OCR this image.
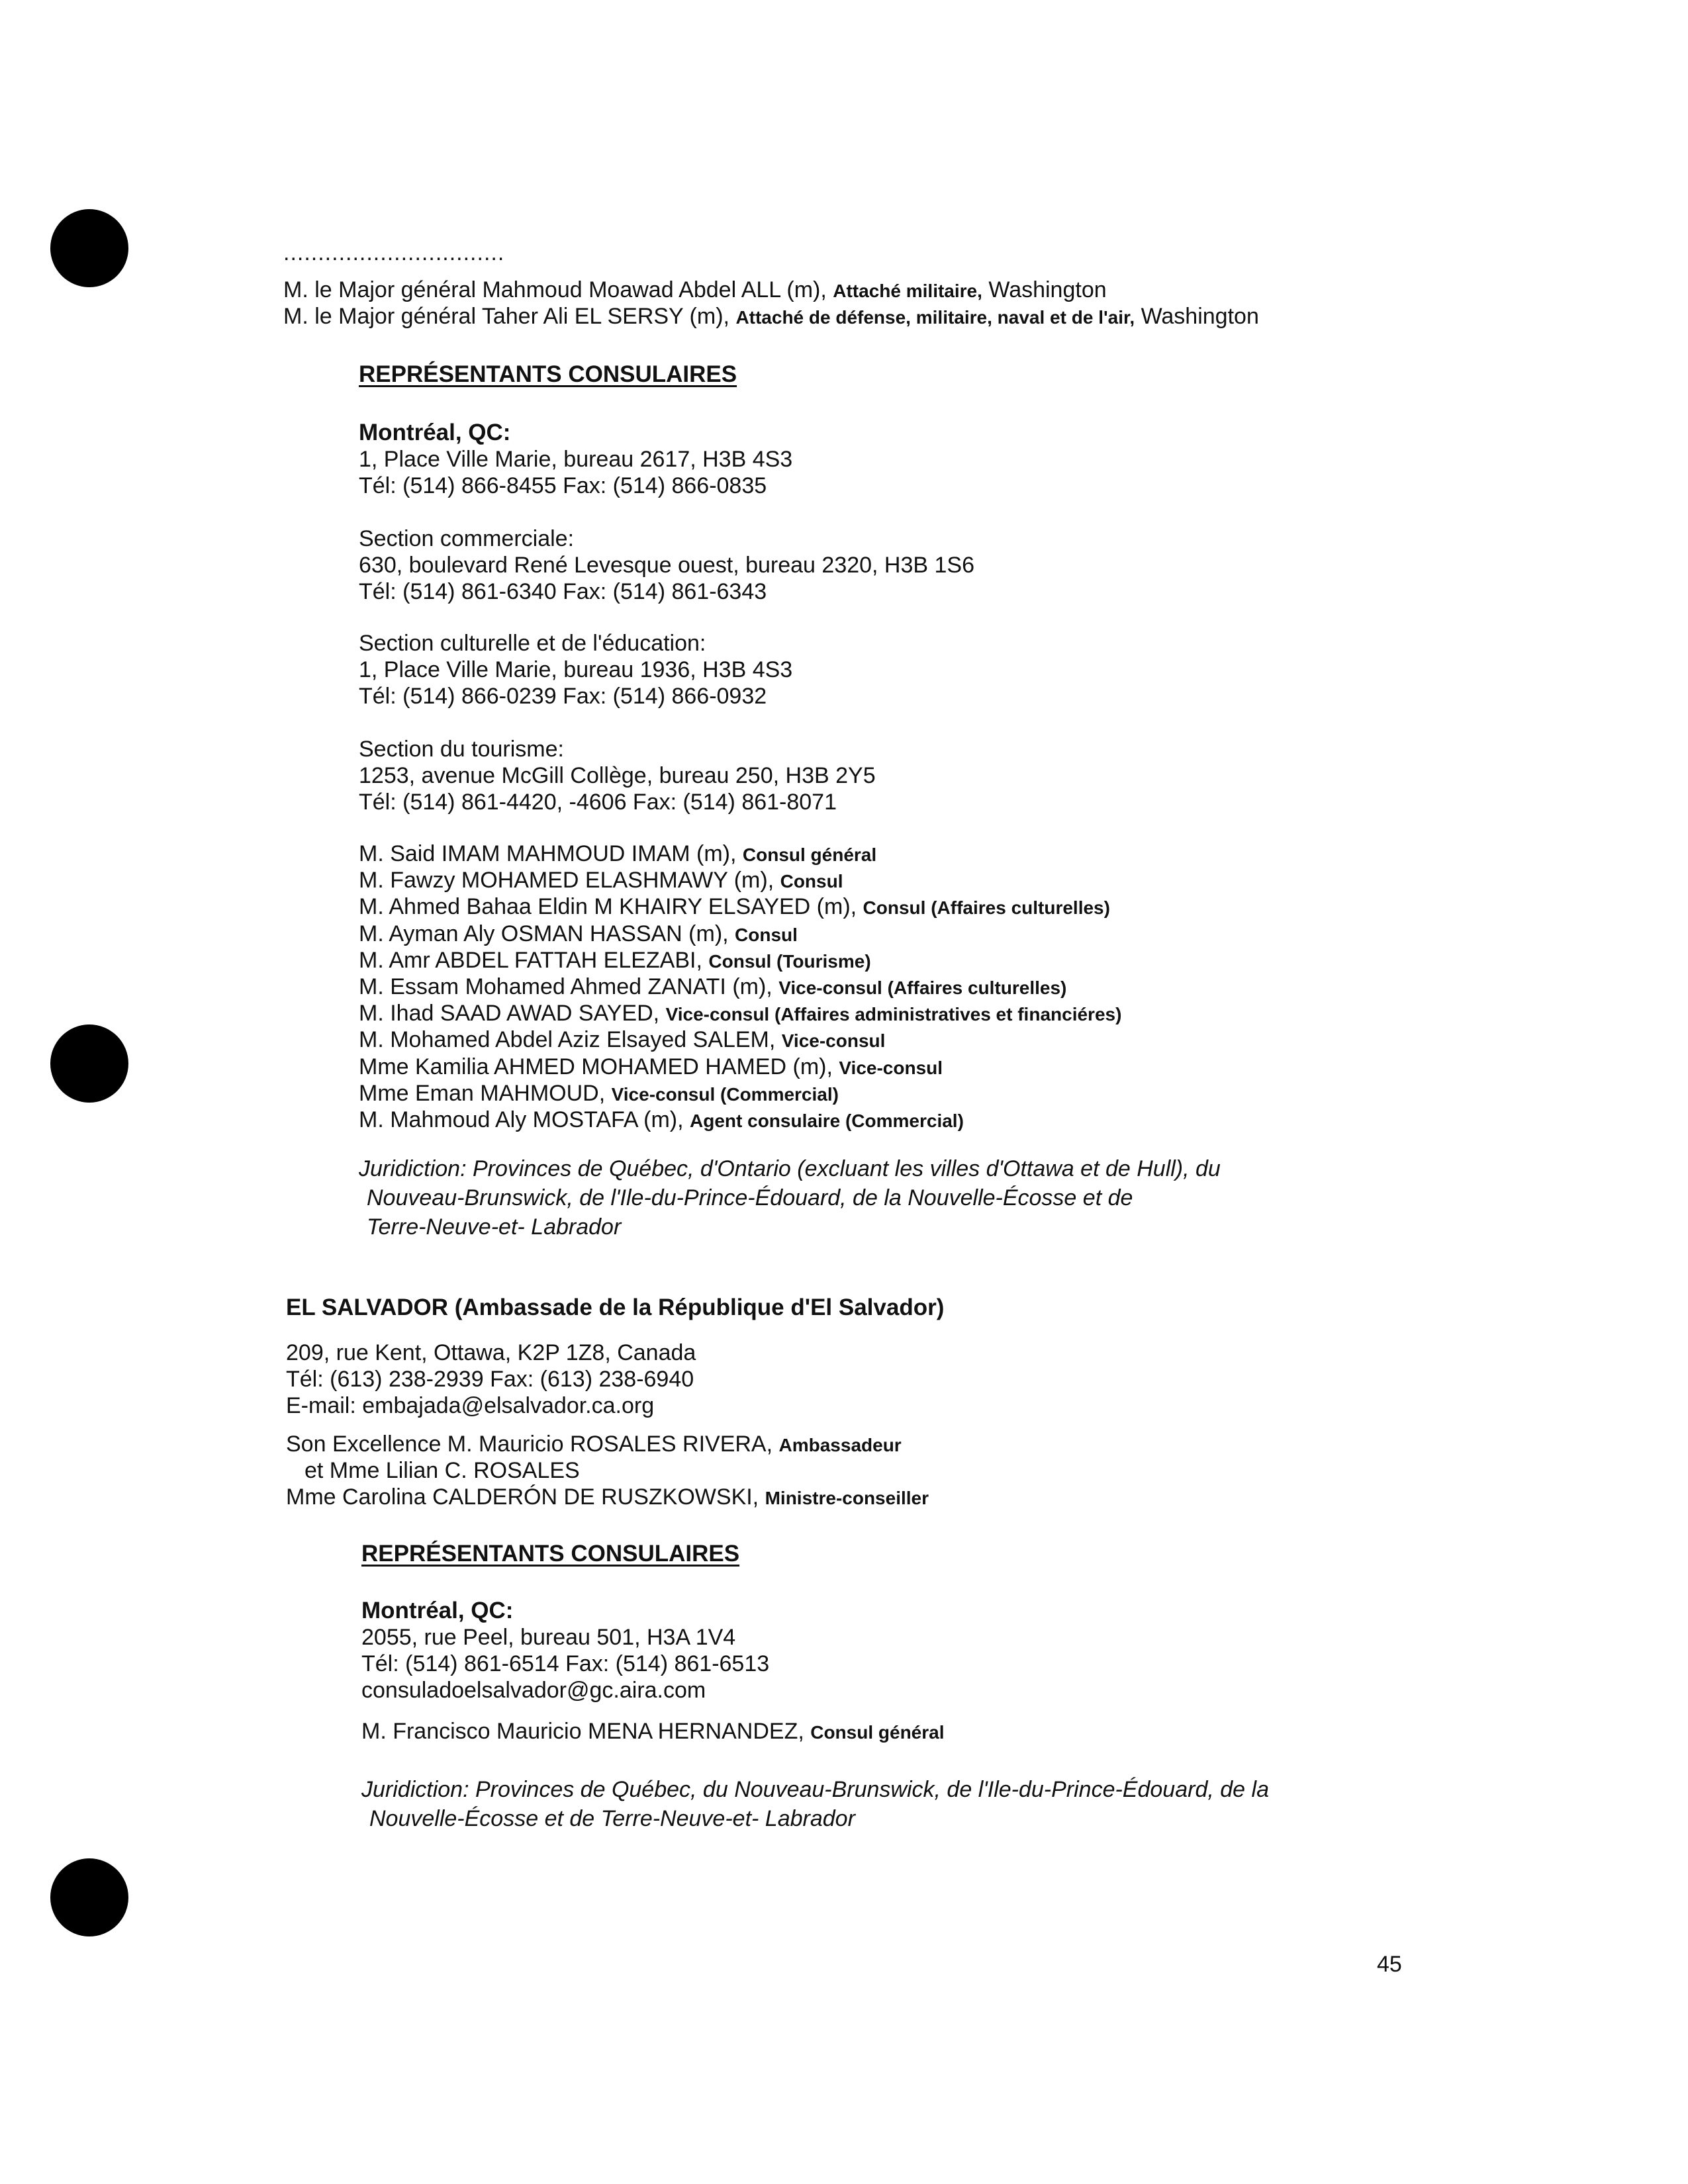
................................
M. le Major général Mahmoud Moawad Abdel ALL (m), Attaché militaire, Washington
M. le Major général Taher Ali EL SERSY (m), Attaché de défense, militaire, naval et de l'air, Washington
REPRÉSENTANTS CONSULAIRES
Montréal, QC:
1, Place Ville Marie, bureau 2617, H3B 4S3
Tél: (514) 866-8455 Fax: (514) 866-0835
Section commerciale:
630, boulevard René Levesque ouest, bureau 2320, H3B 1S6
Tél: (514) 861-6340 Fax: (514) 861-6343
Section culturelle et de l'éducation:
1, Place Ville Marie, bureau 1936, H3B 4S3
Tél: (514) 866-0239 Fax: (514) 866-0932
Section du tourisme:
1253, avenue McGill Collège, bureau 250, H3B 2Y5
Tél: (514) 861-4420, -4606 Fax: (514) 861-8071
M. Said IMAM MAHMOUD IMAM (m), Consul général
M. Fawzy MOHAMED ELASHMAWY (m), Consul
M. Ahmed Bahaa Eldin M KHAIRY ELSAYED (m), Consul (Affaires culturelles)
M. Ayman Aly OSMAN HASSAN (m), Consul
M. Amr ABDEL FATTAH ELEZABI, Consul (Tourisme)
M. Essam Mohamed Ahmed ZANATI (m), Vice-consul (Affaires culturelles)
M. Ihad SAAD AWAD SAYED, Vice-consul (Affaires administratives et financiéres)
M. Mohamed Abdel Aziz Elsayed SALEM, Vice-consul
Mme Kamilia AHMED MOHAMED HAMED (m), Vice-consul
Mme Eman MAHMOUD, Vice-consul (Commercial)
M. Mahmoud Aly MOSTAFA (m), Agent consulaire (Commercial)
Juridiction: Provinces de Québec, d'Ontario (excluant les villes d'Ottawa et de Hull), du
Nouveau-Brunswick, de l'Ile-du-Prince-Édouard, de la Nouvelle-Écosse et de
Terre-Neuve-et- Labrador
EL SALVADOR (Ambassade de la République d'El Salvador)
209, rue Kent, Ottawa, K2P 1Z8, Canada
Tél: (613) 238-2939 Fax: (613) 238-6940
E-mail: embajada@elsalvador.ca.org
Son Excellence M. Mauricio ROSALES RIVERA, Ambassadeur
et Mme Lilian C. ROSALES
Mme Carolina CALDERÓN DE RUSZKOWSKI, Ministre-conseiller
REPRÉSENTANTS CONSULAIRES
Montréal, QC:
2055, rue Peel, bureau 501, H3A 1V4
Tél: (514) 861-6514 Fax: (514) 861-6513
consuladoelsalvador@gc.aira.com
M. Francisco Mauricio MENA HERNANDEZ, Consul général
Juridiction: Provinces de Québec, du Nouveau-Brunswick, de l'Ile-du-Prince-Édouard, de la
Nouvelle-Écosse et de Terre-Neuve-et- Labrador
45
